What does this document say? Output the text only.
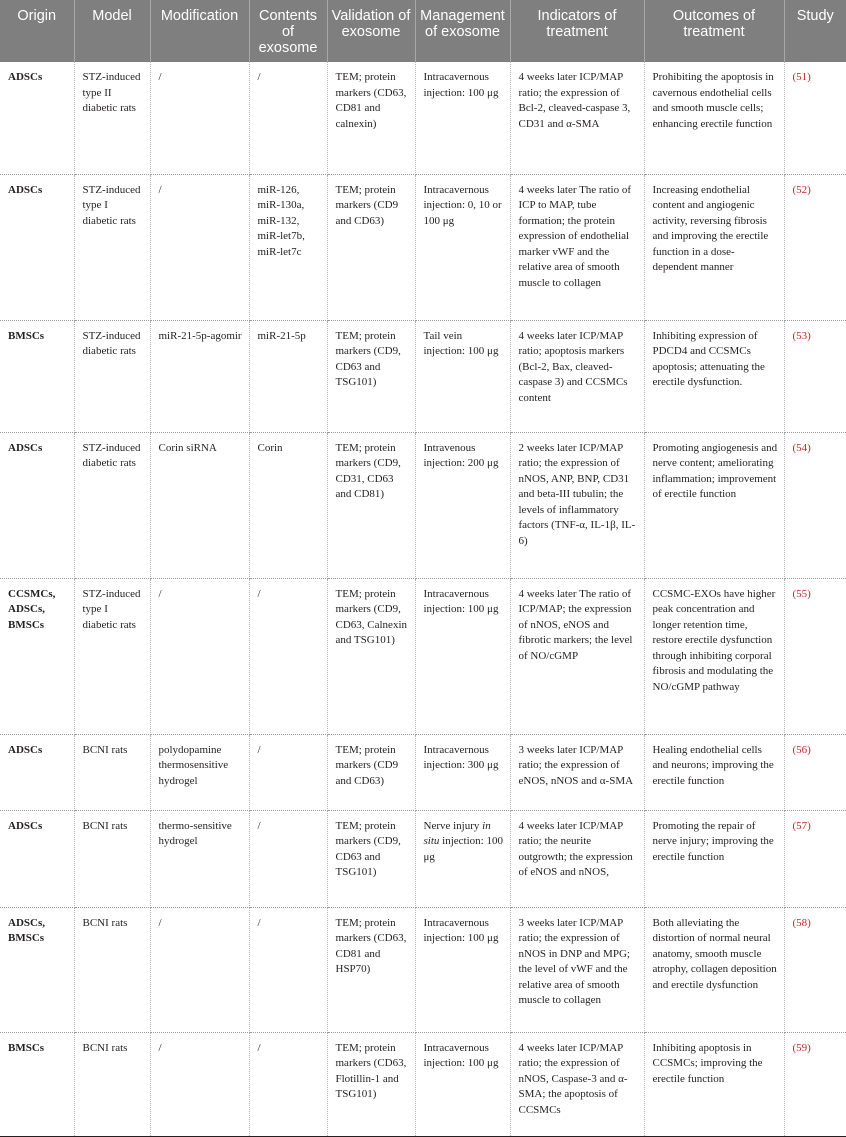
Origin	Model	Modification	Contents of exosome	Validation of exosome	Management of exosome	Indicators of treatment	Outcomes of treatment	Study
ADSCs	STZ-induced type II diabetic rats	/	/	TEM; protein markers (CD63, CD81 and calnexin)	Intracavernous injection: 100 μg	4 weeks later ICP/MAP ratio; the expression of Bcl-2, cleaved-caspase 3, CD31 and α-SMA	Prohibiting the apoptosis in cavernous endothelial cells and smooth muscle cells; enhancing erectile function	(51)
ADSCs	STZ-induced type I diabetic rats	/	miR-126, miR-130a, miR-132, miR-let7b, miR-let7c	TEM; protein markers (CD9 and CD63)	Intracavernous injection: 0, 10 or 100 μg	4 weeks later The ratio of ICP to MAP, tube formation; the protein expression of endothelial marker vWF and the relative area of smooth muscle to collagen	Increasing endothelial content and angiogenic activity, reversing fibrosis and improving the erectile function in a dose-dependent manner	(52)
BMSCs	STZ-induced diabetic rats	miR-21-5p-agomir	miR-21-5p	TEM; protein markers (CD9, CD63 and TSG101)	Tail vein injection: 100 μg	4 weeks later ICP/MAP ratio; apoptosis markers (Bcl-2, Bax, cleaved-caspase 3) and CCSMCs content	Inhibiting expression of PDCD4 and CCSMCs apoptosis; attenuating the erectile dysfunction.	(53)
ADSCs	STZ-induced diabetic rats	Corin siRNA	Corin	TEM; protein markers (CD9, CD31, CD63 and CD81)	Intravenous injection: 200 μg	2 weeks later ICP/MAP ratio; the expression of nNOS, ANP, BNP, CD31 and beta-III tubulin; the levels of inflammatory factors (TNF-α, IL-1β, IL-6)	Promoting angiogenesis and nerve content; ameliorating inflammation; improvement of erectile function	(54)
CCSMCs, ADSCs, BMSCs	STZ-induced type I diabetic rats	/	/	TEM; protein markers (CD9, CD63, Calnexin and TSG101)	Intracavernous injection: 100 μg	4 weeks later The ratio of ICP/MAP; the expression of nNOS, eNOS and fibrotic markers; the level of NO/cGMP	CCSMC-EXOs have higher peak concentration and longer retention time, restore erectile dysfunction through inhibiting corporal fibrosis and modulating the NO/cGMP pathway	(55)
ADSCs	BCNI rats	polydopamine thermosensitive hydrogel	/	TEM; protein markers (CD9 and CD63)	Intracavernous injection: 300 μg	3 weeks later ICP/MAP ratio; the expression of eNOS, nNOS and α-SMA	Healing endothelial cells and neurons; improving the erectile function	(56)
ADSCs	BCNI rats	thermo-sensitive hydrogel	/	TEM; protein markers (CD9, CD63 and TSG101)	Nerve injury in situ injection: 100 μg	4 weeks later ICP/MAP ratio; the neurite outgrowth; the expression of eNOS and nNOS,	Promoting the repair of nerve injury; improving the erectile function	(57)
ADSCs, BMSCs	BCNI rats	/	/	TEM; protein markers (CD63, CD81 and HSP70)	Intracavernous injection: 100 μg	3 weeks later ICP/MAP ratio; the expression of nNOS in DNP and MPG; the level of vWF and the relative area of smooth muscle to collagen	Both alleviating the distortion of normal neural anatomy, smooth muscle atrophy, collagen deposition and erectile dysfunction	(58)
BMSCs	BCNI rats	/	/	TEM; protein markers (CD63, Flotillin-1 and TSG101)	Intracavernous injection: 100 μg	4 weeks later ICP/MAP ratio; the expression of nNOS, Caspase-3 and α-SMA; the apoptosis of CCSMCs	Inhibiting apoptosis in CCSMCs; improving the erectile function	(59)
